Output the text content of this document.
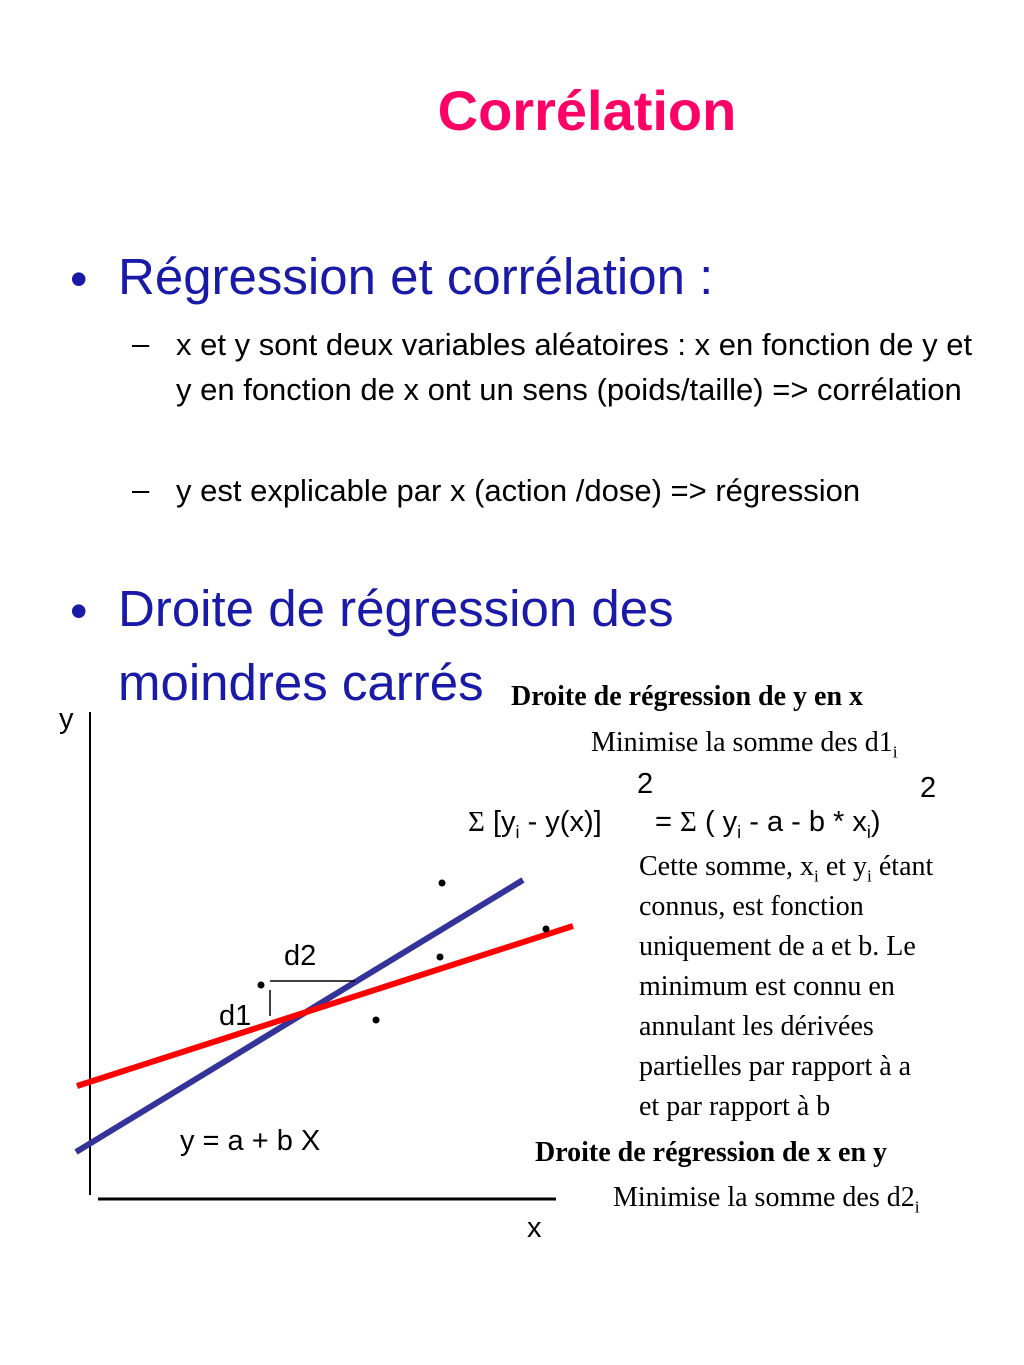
Corrélation
• Régression et corrélation :
– x et y sont deux variables aléatoires : x en fonction de y et y en fonction de x ont un sens (poids/taille) => corrélation
– y est explicable par x (action /dose) => régression
• Droite de régression des
moindres carrés
y
x
d2
d1
y = a + b X
Droite de régression de y en x
Minimise la somme des $d1_i$
2	2
Σ $[y_i - y(x)] = \Sigma$ ( $y_i$ - a - b * $x_i$)
Cette somme, $x_i$ et $y_i$ étant
connus, est fonction
uniquement de a et b. Le
minimum est connu en
annulant les dérivées
partielles par rapport à a
et par rapport à b
Droite de régression de x en y
Minimise la somme des $d2_i$
